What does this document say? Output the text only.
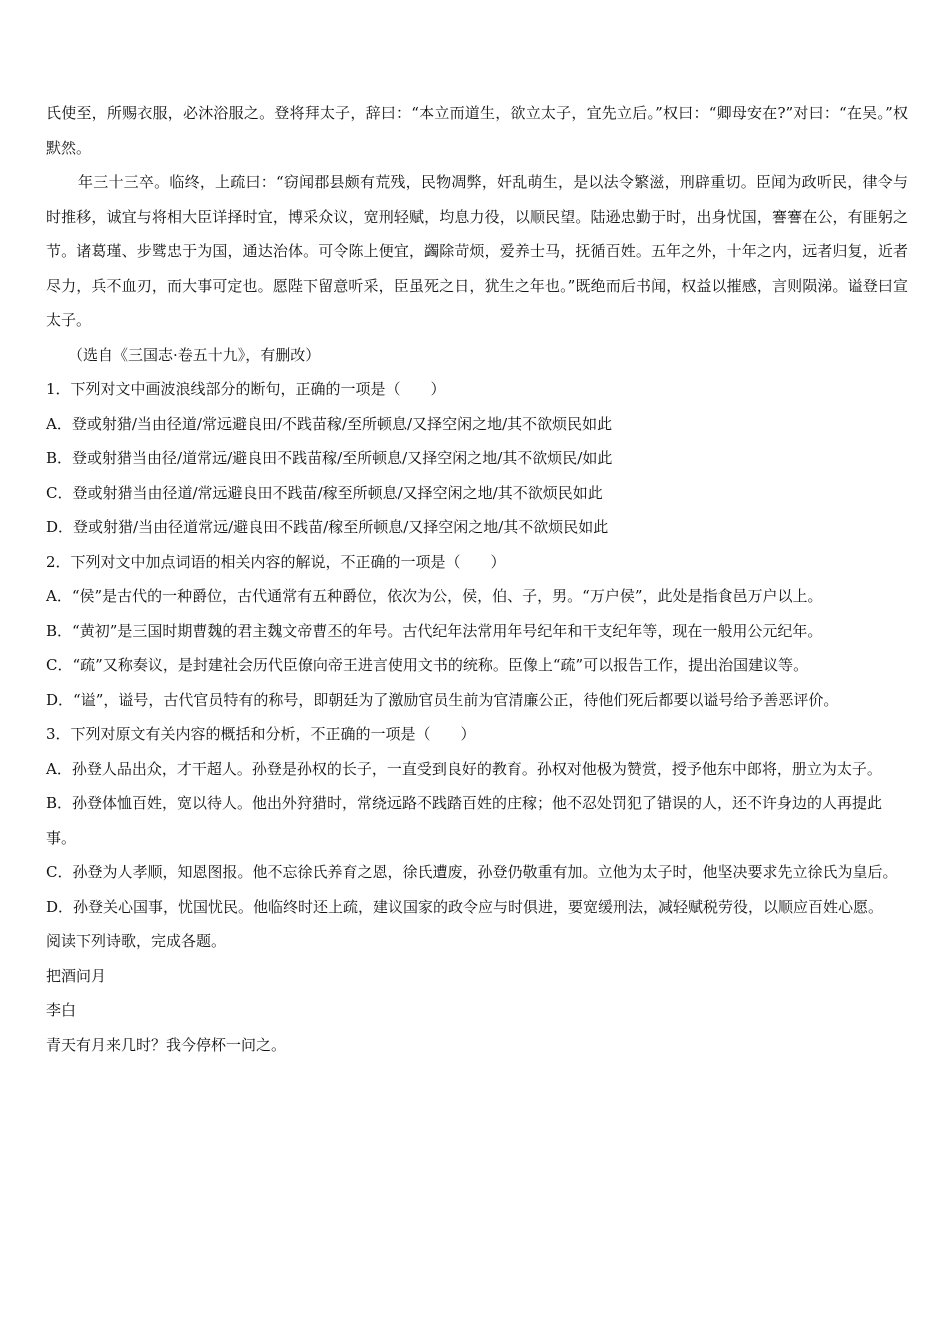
氏使至，所赐衣服，必沐浴服之。登将拜太子，辞曰：“本立而道生，欲立太子，宜先立后。”权曰：“卿母安在?”对曰：“在吴。”权默然。

年三十三卒。临终，上疏曰：“窃闻郡县颇有荒残，民物凋弊，奸乱萌生，是以法令繁滋，刑辟重切。臣闻为政听民，律令与时推移，诚宜与将相大臣详择时宜，博采众议，宽刑轻赋，均息力役，以顺民望。陆逊忠勤于时，出身忧国，謇謇在公，有匪躬之节。诸葛瑾、步骘忠于为国，通达治体。可令陈上便宜，蠲除苛烦，爱养士马，抚循百姓。五年之外，十年之内，远者归复，近者尽力，兵不血刃，而大事可定也。愿陛下留意听采，臣虽死之日，犹生之年也。”既绝而后书闻，权益以摧感，言则陨涕。谥登曰宣太子。

（选自《三国志·卷五十九》，有删改）

1．下列对文中画波浪线部分的断句，正确的一项是（　　）

A．登或射猎/当由径道/常远避良田/不践苗稼/至所顿息/又择空闲之地/其不欲烦民如此

B．登或射猎当由径/道常远/避良田不践苗稼/至所顿息/又择空闲之地/其不欲烦民/如此

C．登或射猎当由径道/常远避良田不践苗/稼至所顿息/又择空闲之地/其不欲烦民如此

D．登或射猎/当由径道常远/避良田不践苗/稼至所顿息/又择空闲之地/其不欲烦民如此

2．下列对文中加点词语的相关内容的解说，不正确的一项是（　　）

A．“侯”是古代的一种爵位，古代通常有五种爵位，依次为公，侯，伯、子，男。“万户侯”，此处是指食邑万户以上。

B．“黄初”是三国时期曹魏的君主魏文帝曹丕的年号。古代纪年法常用年号纪年和干支纪年等，现在一般用公元纪年。

C．“疏”又称奏议，是封建社会历代臣僚向帝王进言使用文书的统称。臣像上“疏”可以报告工作，提出治国建议等。

D．“谥”，谥号，古代官员特有的称号，即朝廷为了激励官员生前为官清廉公正，待他们死后都要以谥号给予善恶评价。

3．下列对原文有关内容的概括和分析，不正确的一项是（　　）

A．孙登人品出众，才干超人。孙登是孙权的长子，一直受到良好的教育。孙权对他极为赞赏，授予他东中郎将，册立为太子。

B．孙登体恤百姓，宽以待人。他出外狩猎时，常绕远路不践踏百姓的庄稼；他不忍处罚犯了错误的人，还不许身边的人再提此事。

C．孙登为人孝顺，知恩图报。他不忘徐氏养育之恩，徐氏遭废，孙登仍敬重有加。立他为太子时，他坚决要求先立徐氏为皇后。

D．孙登关心国事，忧国忧民。他临终时还上疏，建议国家的政令应与时俱进，要宽缓刑法，减轻赋税劳役，以顺应百姓心愿。

阅读下列诗歌，完成各题。

把酒问月

李白

青天有月来几时？我今停杯一问之。
